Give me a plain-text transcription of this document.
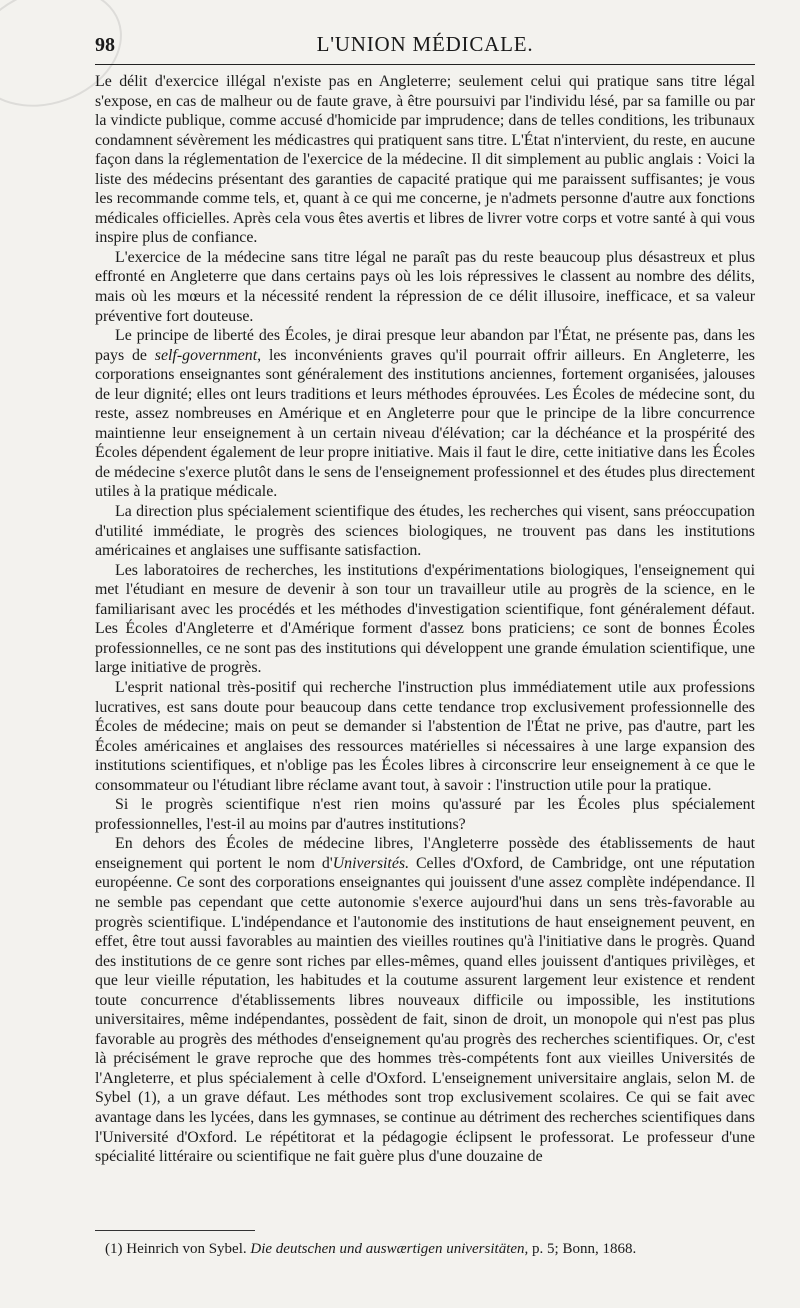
98	L'UNION MÉDICALE.

Le délit d'exercice illégal n'existe pas en Angleterre; seulement celui qui pratique sans titre légal s'expose, en cas de malheur ou de faute grave, à être poursuivi par l'individu lésé, par sa famille ou par la vindicte publique, comme accusé d'homicide par imprudence; dans de telles conditions, les tribunaux condamnent sévèrement les médicastres qui pratiquent sans titre. L'État n'intervient, du reste, en aucune façon dans la réglementation de l'exercice de la médecine. Il dit simplement au public anglais : Voici la liste des médecins présentant des garanties de capacité pratique qui me paraissent suffisantes; je vous les recommande comme tels, et, quant à ce qui me concerne, je n'admets personne d'autre aux fonctions médicales officielles. Après cela vous êtes avertis et libres de livrer votre corps et votre santé à qui vous inspire plus de confiance.

L'exercice de la médecine sans titre légal ne paraît pas du reste beaucoup plus désastreux et plus effronté en Angleterre que dans certains pays où les lois répressives le classent au nombre des délits, mais où les mœurs et la nécessité rendent la répression de ce délit illusoire, inefficace, et sa valeur préventive fort douteuse.

Le principe de liberté des Écoles, je dirai presque leur abandon par l'État, ne présente pas, dans les pays de self-government, les inconvénients graves qu'il pourrait offrir ailleurs. En Angleterre, les corporations enseignantes sont généralement des institutions anciennes, fortement organisées, jalouses de leur dignité; elles ont leurs traditions et leurs méthodes éprouvées. Les Écoles de médecine sont, du reste, assez nombreuses en Amérique et en Angleterre pour que le principe de la libre concurrence maintienne leur enseignement à un certain niveau d'élévation; car la déchéance et la prospérité des Écoles dépendent également de leur propre initiative. Mais il faut le dire, cette initiative dans les Écoles de médecine s'exerce plutôt dans le sens de l'enseignement professionnel et des études plus directement utiles à la pratique médicale.

La direction plus spécialement scientifique des études, les recherches qui visent, sans préoccupation d'utilité immédiate, le progrès des sciences biologiques, ne trouvent pas dans les institutions américaines et anglaises une suffisante satisfaction.

Les laboratoires de recherches, les institutions d'expérimentations biologiques, l'enseignement qui met l'étudiant en mesure de devenir à son tour un travailleur utile au progrès de la science, en le familiarisant avec les procédés et les méthodes d'investigation scientifique, font généralement défaut. Les Écoles d'Angleterre et d'Amérique forment d'assez bons praticiens; ce sont de bonnes Écoles professionnelles, ce ne sont pas des institutions qui développent une grande émulation scientifique, une large initiative de progrès.

L'esprit national très-positif qui recherche l'instruction plus immédiatement utile aux professions lucratives, est sans doute pour beaucoup dans cette tendance trop exclusivement professionnelle des Écoles de médecine; mais on peut se demander si l'abstention de l'État ne prive, pas d'autre, part les Écoles américaines et anglaises des ressources matérielles si nécessaires à une large expansion des institutions scientifiques, et n'oblige pas les Écoles libres à circonscrire leur enseignement à ce que le consommateur ou l'étudiant libre réclame avant tout, à savoir : l'instruction utile pour la pratique.

Si le progrès scientifique n'est rien moins qu'assuré par les Écoles plus spécialement professionnelles, l'est-il au moins par d'autres institutions?

En dehors des Écoles de médecine libres, l'Angleterre possède des établissements de haut enseignement qui portent le nom d'Universités. Celles d'Oxford, de Cambridge, ont une réputation européenne. Ce sont des corporations enseignantes qui jouissent d'une assez complète indépendance. Il ne semble pas cependant que cette autonomie s'exerce aujourd'hui dans un sens très-favorable au progrès scientifique. L'indépendance et l'autonomie des institutions de haut enseignement peuvent, en effet, être tout aussi favorables au maintien des vieilles routines qu'à l'initiative dans le progrès. Quand des institutions de ce genre sont riches par elles-mêmes, quand elles jouissent d'antiques privilèges, et que leur vieille réputation, les habitudes et la coutume assurent largement leur existence et rendent toute concurrence d'établissements libres nouveaux difficile ou impossible, les institutions universitaires, même indépendantes, possèdent de fait, sinon de droit, un monopole qui n'est pas plus favorable au progrès des méthodes d'enseignement qu'au progrès des recherches scientifiques. Or, c'est là précisément le grave reproche que des hommes très-compétents font aux vieilles Universités de l'Angleterre, et plus spécialement à celle d'Oxford. L'enseignement universitaire anglais, selon M. de Sybel (1), a un grave défaut. Les méthodes sont trop exclusivement scolaires. Ce qui se fait avec avantage dans les lycées, dans les gymnases, se continue au détriment des recherches scientifiques dans l'Université d'Oxford. Le répétitorat et la pédagogie éclipsent le professorat. Le professeur d'une spécialité littéraire ou scientifique ne fait guère plus d'une douzaine de

(1) Heinrich von Sybel. Die deutschen und auswærtigen universitäten, p. 5; Bonn, 1868.
